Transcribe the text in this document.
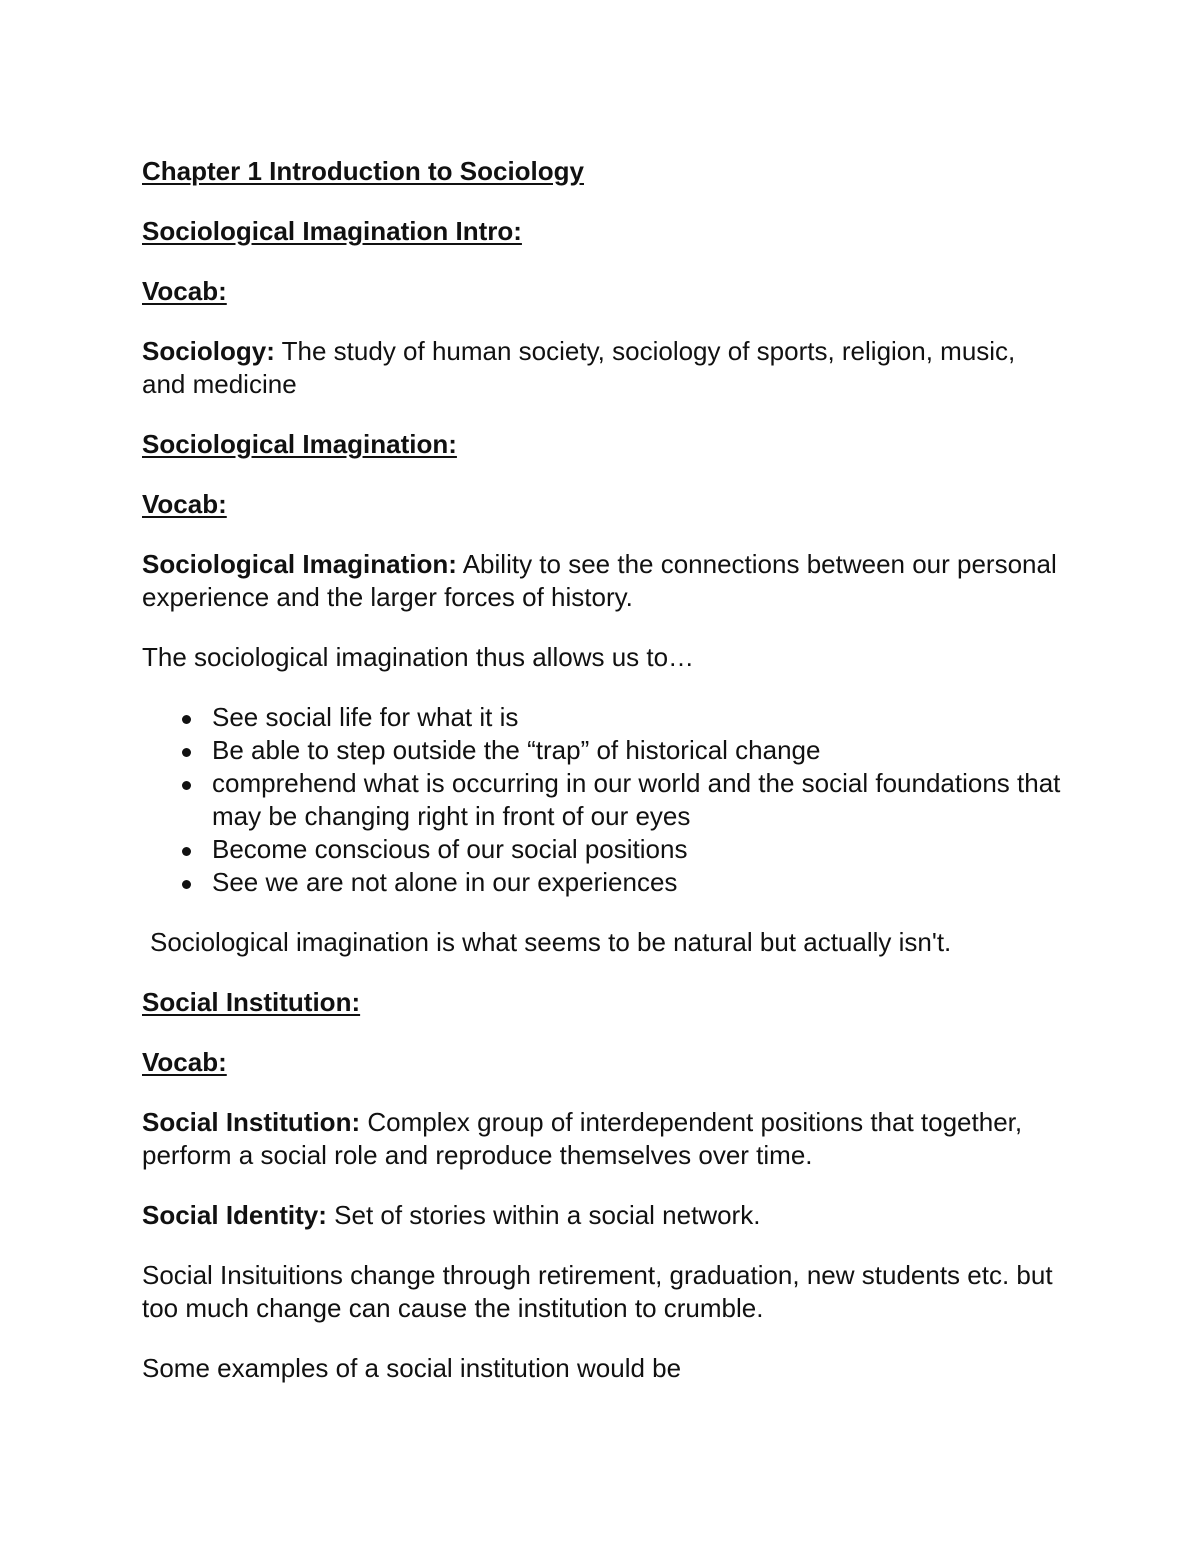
Chapter 1 Introduction to Sociology

Sociological Imagination Intro:

Vocab:

Sociology: The study of human society, sociology of sports, religion, music, and medicine

Sociological Imagination:

Vocab:

Sociological Imagination: Ability to see the connections between our personal experience and the larger forces of history.

The sociological imagination thus allows us to…

See social life for what it is
Be able to step outside the “trap” of historical change
comprehend what is occurring in our world and the social foundations that may be changing right in front of our eyes
Become conscious of our social positions
See we are not alone in our experiences

Sociological imagination is what seems to be natural but actually isn't.

Social Institution:

Vocab:

Social Institution: Complex group of interdependent positions that together, perform a social role and reproduce themselves over time.

Social Identity: Set of stories within a social network.

Social Insituitions change through retirement, graduation, new students etc. but too much change can cause the institution to crumble.

Some examples of a social institution would be
